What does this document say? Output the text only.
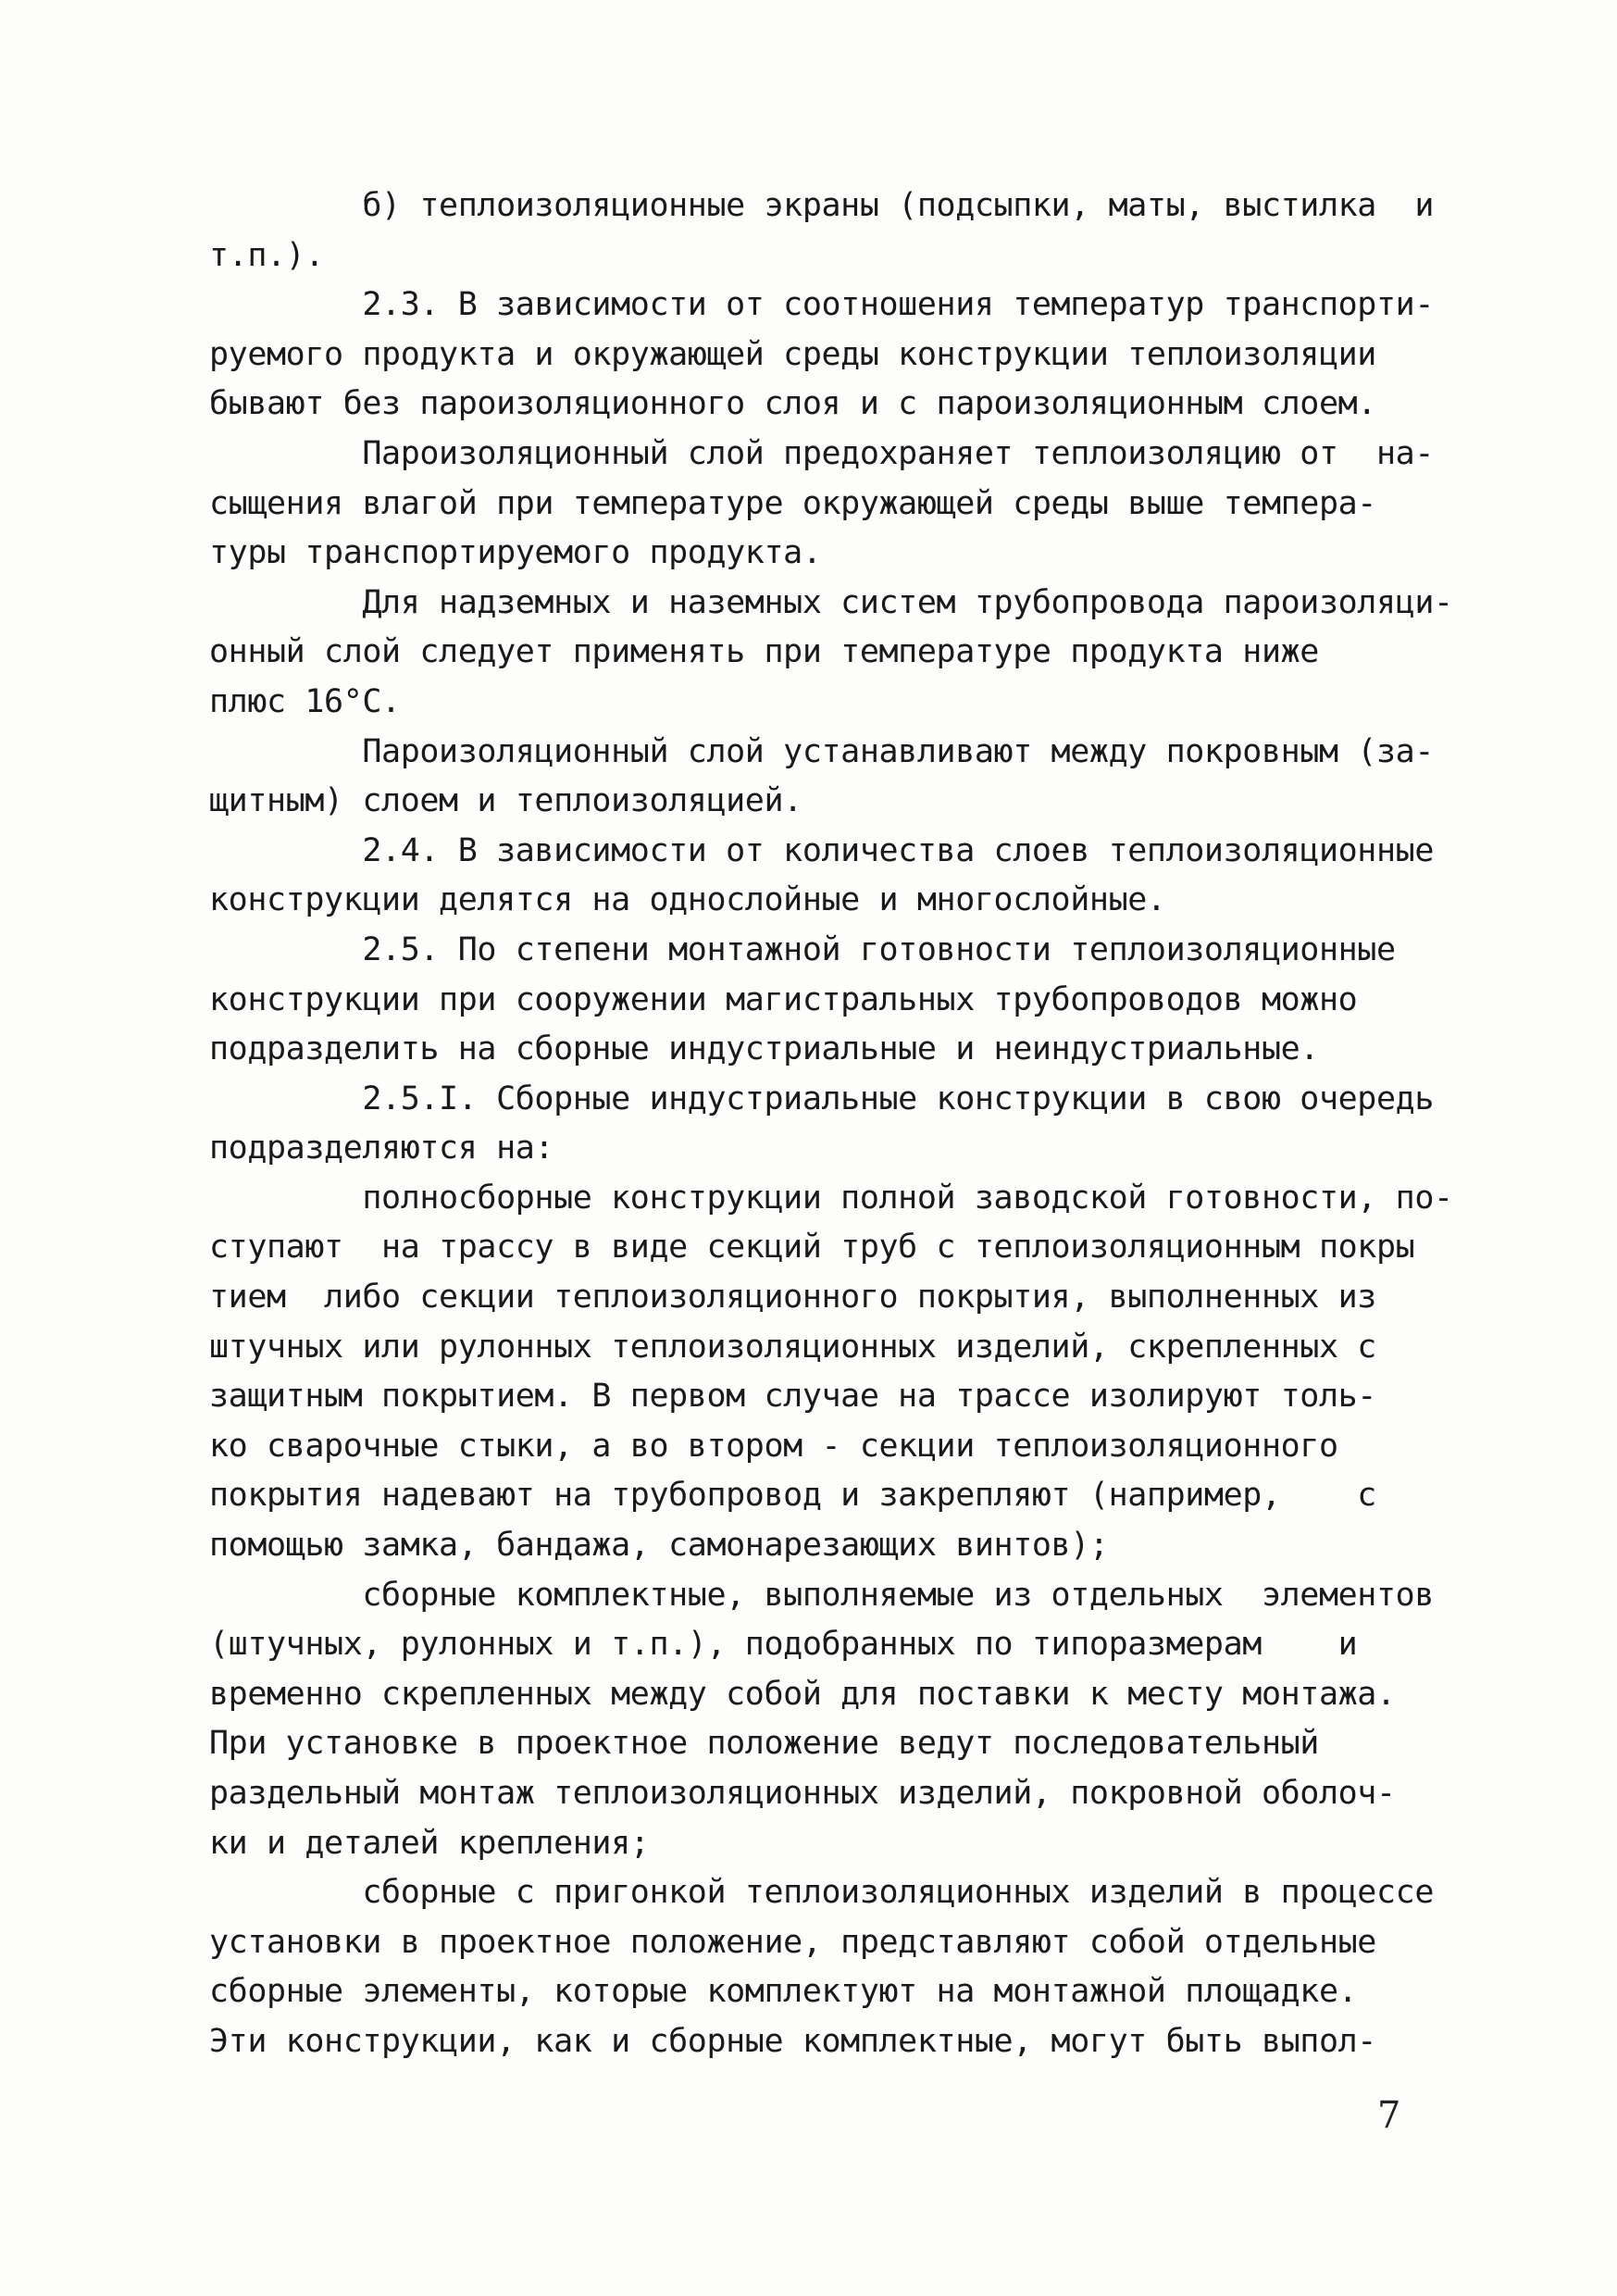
б) теплоизоляционные экраны (подсыпки, маты, выстилка  и
т.п.).
2.3. В зависимости от соотношения температур транспорти-
руемого продукта и окружающей среды конструкции теплоизоляции
бывают без пароизоляционного слоя и с пароизоляционным слоем.
Пароизоляционный слой предохраняет теплоизоляцию от  на-
сыщения влагой при температуре окружающей среды выше темпера-
туры транспортируемого продукта.
Для надземных и наземных систем трубопровода пароизоляци-
онный слой следует применять при температуре продукта ниже
плюс 16°С.
Пароизоляционный слой устанавливают между покровным (за-
щитным) слоем и теплоизоляцией.
2.4. В зависимости от количества слоев теплоизоляционные
конструкции делятся на однослойные и многослойные.
2.5. По степени монтажной готовности теплоизоляционные
конструкции при сооружении магистральных трубопроводов можно
подразделить на сборные индустриальные и неиндустриальные.
2.5.I. Сборные индустриальные конструкции в свою очередь
подразделяются на:
полносборные конструкции полной заводской готовности, по-
ступают  на трассу в виде секций труб с теплоизоляционным покры
тием  либо секции теплоизоляционного покрытия, выполненных из
штучных или рулонных теплоизоляционных изделий, скрепленных с
защитным покрытием. В первом случае на трассе изолируют толь-
ко сварочные стыки, а во втором - секции теплоизоляционного
покрытия надевают на трубопровод и закрепляют (например,    с
помощью замка, бандажа, самонарезающих винтов);
сборные комплектные, выполняемые из отдельных  элементов
(штучных, рулонных и т.п.), подобранных по типоразмерам    и
временно скрепленных между собой для поставки к месту монтажа.
При установке в проектное положение ведут последовательный
раздельный монтаж теплоизоляционных изделий, покровной оболоч-
ки и деталей крепления;
сборные с пригонкой теплоизоляционных изделий в процессе
установки в проектное положение, представляют собой отдельные
сборные элементы, которые комплектуют на монтажной площадке.
Эти конструкции, как и сборные комплектные, могут быть выпол-
7
